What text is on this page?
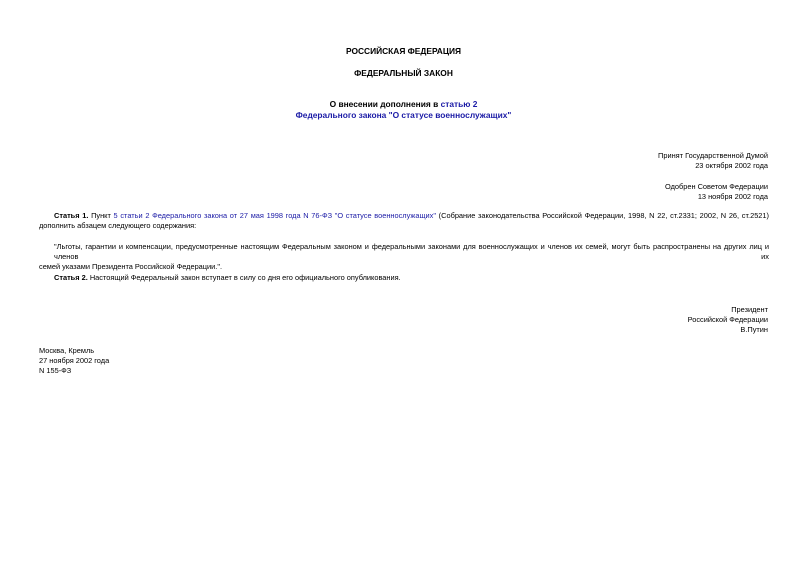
РОССИЙСКАЯ ФЕДЕРАЦИЯ
ФЕДЕРАЛЬНЫЙ ЗАКОН
О внесении дополнения в статью 2
Федерального закона "О статусе военнослужащих"
Принят Государственной Думой
23 октября 2002 года
Одобрен Советом Федерации
13 ноября 2002 года
Статья 1. Пункт 5 статьи 2 Федерального закона от 27 мая 1998 года N 76-ФЗ "О статусе военнослужащих" (Собрание законодательства Российской Федерации, 1998, N 22, ст.2331; 2002, N 26, ст.2521)
дополнить абзацем следующего содержания:
"Льготы, гарантии и компенсации, предусмотренные настоящим Федеральным законом и федеральными законами для военнослужащих и членов их семей, могут быть распространены на других лиц и членов их
семей указами Президента Российской Федерации.".
Статья 2. Настоящий Федеральный закон вступает в силу со дня его официального опубликования.
Президент
Российской Федерации
В.Путин
Москва, Кремль
27 ноября 2002 года
N 155-ФЗ
